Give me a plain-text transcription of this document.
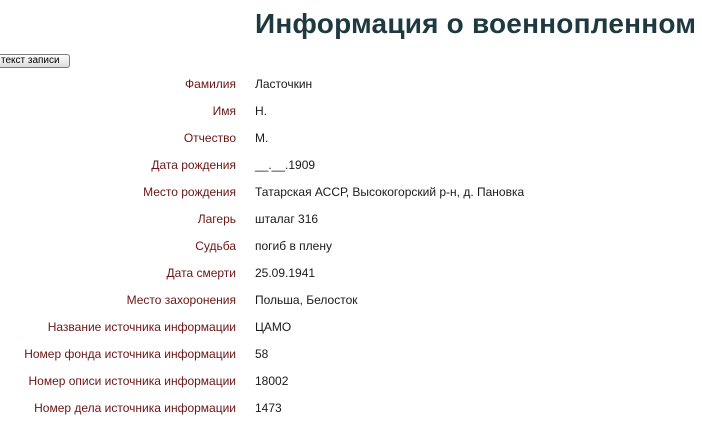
Информация о военнопленном
текст записи
Фамилия Ласточкин
Имя Н.
Отчество М.
Дата рождения __.__.1909
Место рождения Татарская АССР, Высокогорский р-н, д. Пановка
Лагерь шталаг 316
Судьба погиб в плену
Дата смерти 25.09.1941
Место захоронения Польша, Белосток
Название источника информации ЦАМО
Номер фонда источника информации 58
Номер описи источника информации 18002
Номер дела источника информации 1473
